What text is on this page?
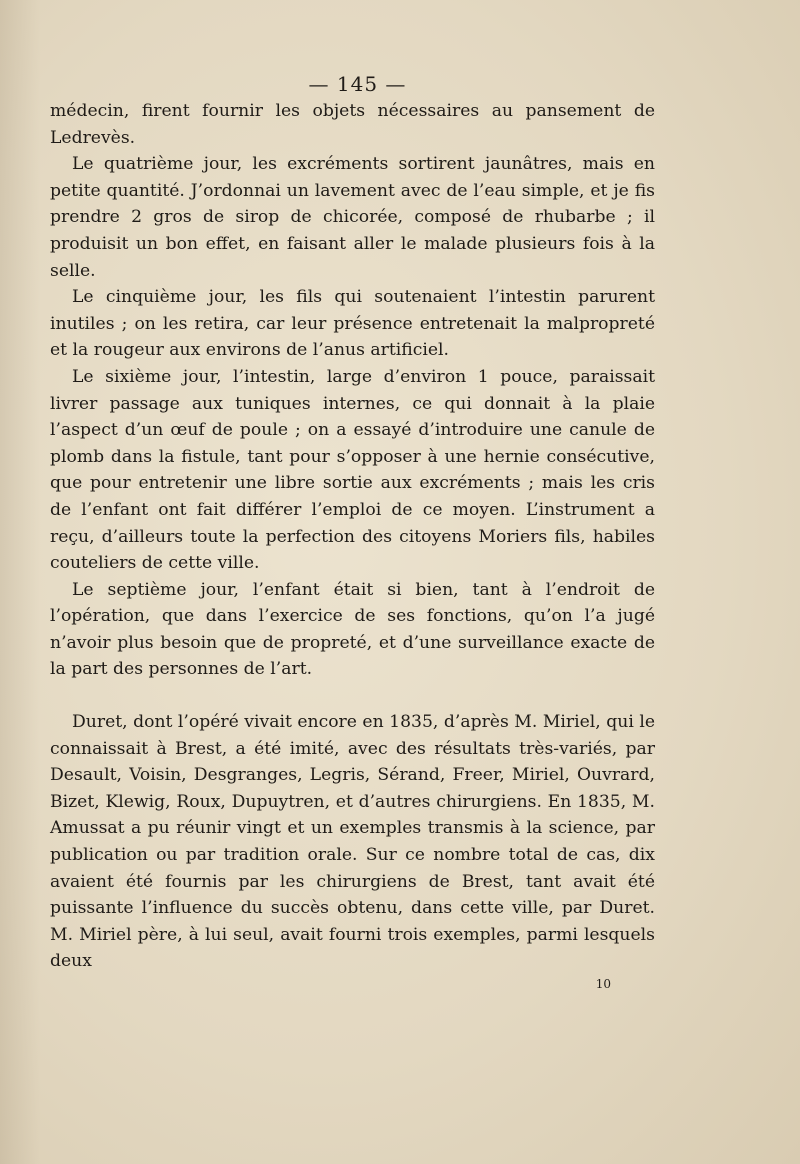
— 145 —

médecin, firent fournir les objets nécessaires au pansement de Ledrevès.

Le quatrième jour, les excréments sortirent jaunâtres, mais en petite quantité. J’ordonnai un lavement avec de l’eau simple, et je fis prendre 2 gros de sirop de chicorée, composé de rhubarbe ; il produisit un bon effet, en faisant aller le malade plusieurs fois à la selle.

Le cinquième jour, les fils qui soutenaient l’intestin parurent inutiles ; on les retira, car leur présence entretenait la malpropreté et la rougeur aux environs de l’anus artificiel.

Le sixième jour, l’intestin, large d’environ 1 pouce, paraissait livrer passage aux tuniques internes, ce qui donnait à la plaie l’aspect d’un œuf de poule ; on a essayé d’introduire une canule de plomb dans la fistule, tant pour s’opposer à une hernie consécutive, que pour entretenir une libre sortie aux excréments ; mais les cris de l’enfant ont fait différer l’emploi de ce moyen. L’instrument a reçu, d’ailleurs toute la perfection des citoyens Moriers fils, habiles couteliers de cette ville.

Le septième jour, l’enfant était si bien, tant à l’endroit de l’opération, que dans l’exercice de ses fonctions, qu’on l’a jugé n’avoir plus besoin que de propreté, et d’une surveillance exacte de la part des personnes de l’art.

Duret, dont l’opéré vivait encore en 1835, d’après M. Miriel, qui le connaissait à Brest, a été imité, avec des résultats très-variés, par Desault, Voisin, Desgranges, Legris, Sérand, Freer, Miriel, Ouvrard, Bizet, Klewig, Roux, Dupuytren, et d’autres chirurgiens. En 1835, M. Amussat a pu réunir vingt et un exemples transmis à la science, par publication ou par tradition orale. Sur ce nombre total de cas, dix avaient été fournis par les chirurgiens de Brest, tant avait été puissante l’influence du succès obtenu, dans cette ville, par Duret. M. Miriel père, à lui seul, avait fourni trois exemples, parmi lesquels deux

10
